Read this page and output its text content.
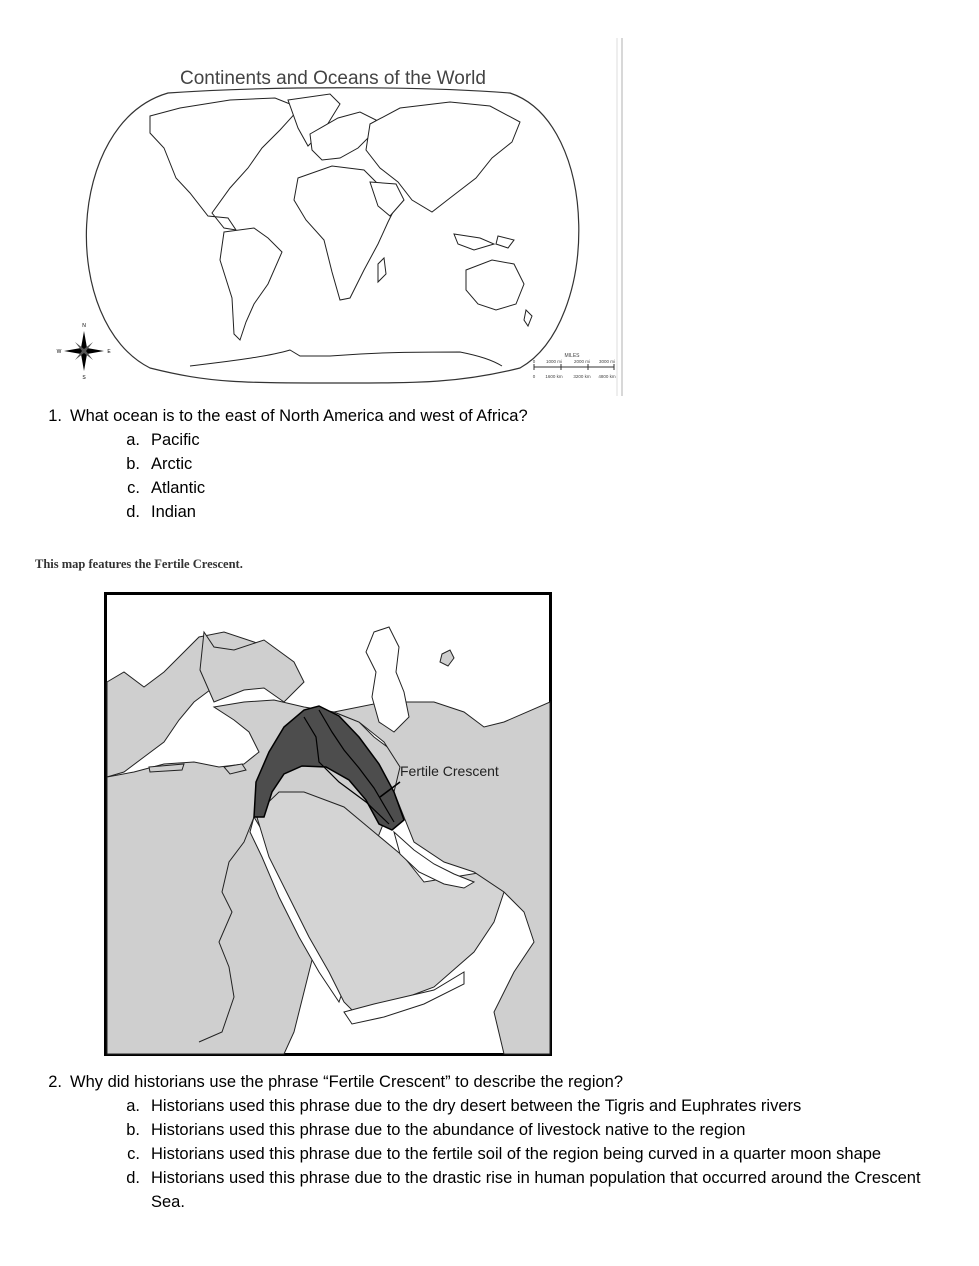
Continents and Oceans of the World
N
S
E
W
MILES
0 1000 mi	2000 mi 3000 mi
0 1600 km 3200 km 4800 km
1. What ocean is to the east of North America and west of Africa?
a. Pacific
b. Arctic
c. Atlantic
d. Indian
This map features the Fertile Crescent.
Fertile Crescent
2. Why did historians use the phrase “Fertile Crescent” to describe the region?
a. Historians used this phrase due to the dry desert between the Tigris and Euphrates rivers
b. Historians used this phrase due to the abundance of livestock native to the region
c. Historians used this phrase due to the fertile soil of the region being curved in a quarter moon shape
d. Historians used this phrase due to the drastic rise in human population that occurred around the Crescent Sea.
